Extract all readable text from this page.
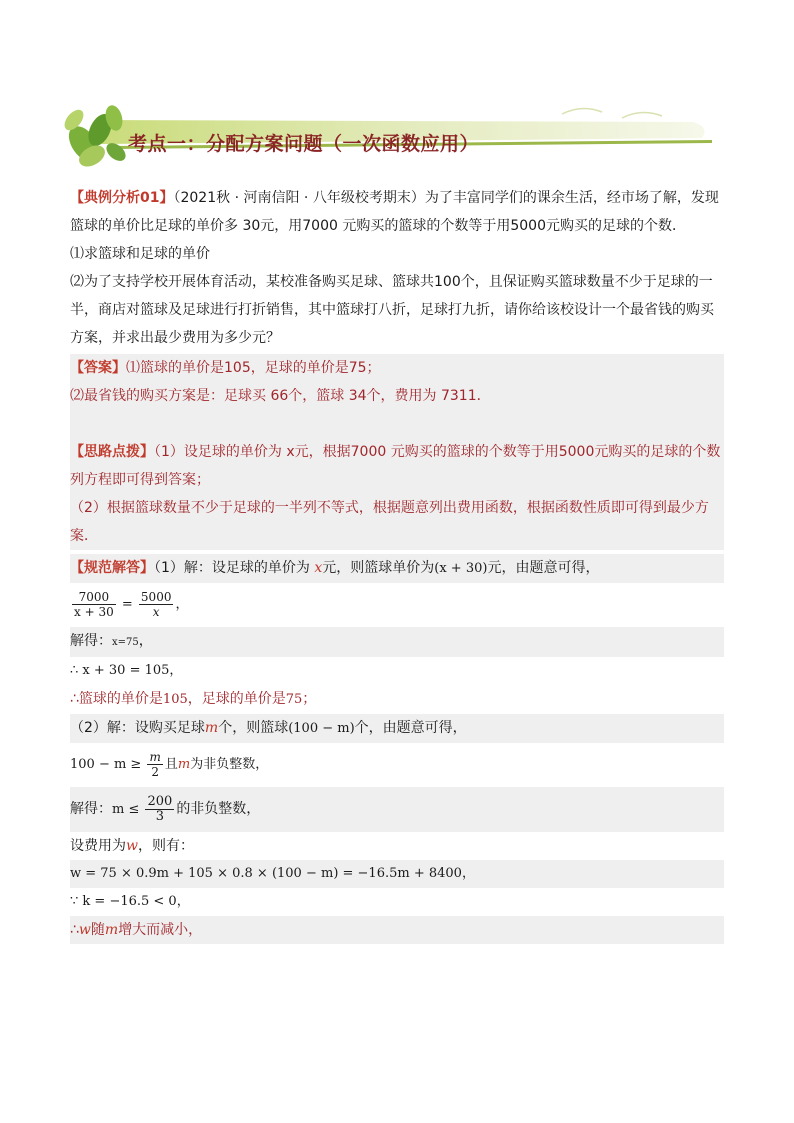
考点一：分配方案问题（一次函数应用）

【典例分析01】（2021秋 · 河南信阳 · 八年级校考期末）为了丰富同学们的课余生活，经市场了解，发现

篮球的单价比足球的单价多 30元，用7000 元购买的篮球的个数等于用5000元购买的足球的个数．

⑴求篮球和足球的单价

⑵为了支持学校开展体育活动，某校准备购买足球、篮球共100个，且保证购买篮球数量不少于足球的一半，商店对篮球及足球进行打折销售，其中篮球打八折，足球打九折，请你给该校设计一个最省钱的购买方案，并求出最少费用为多少元？

【答案】⑴篮球的单价是105，足球的单价是75；

⑵最省钱的购买方案是：足球买 66个，篮球 34个，费用为 7311．

【思路点拨】（1）设足球的单价为 x元，根据7000 元购买的篮球的个数等于用5000元购买的足球的个数列方程即可得到答案；

（2）根据篮球数量不少于足球的一半列不等式，根据题意列出费用函数，根据函数性质即可得到最少方案．

【规范解答】（1）解：设足球的单价为 x元，则篮球单价为(x + 30)元，由题意可得，

$\frac{7000}{x + 30} = \frac{5000}{x}$ ，

解得：x=75，

∴ x + 30 = 105，

∴篮球的单价是105，足球的单价是75；

（2）解：设购买足球m个，则篮球(100 − m)个，由题意可得，

$100 - m \ge \frac{m}{2}$ 且m为非负整数，

解得：$m \le \frac{200}{3}$ 的非负整数，

设费用为w，则有：

w = 75 × 0.9m + 105 × 0.8 × (100 − m) = −16.5m + 8400，

∵ k = −16.5 < 0，

∴w随m增大而减小，
